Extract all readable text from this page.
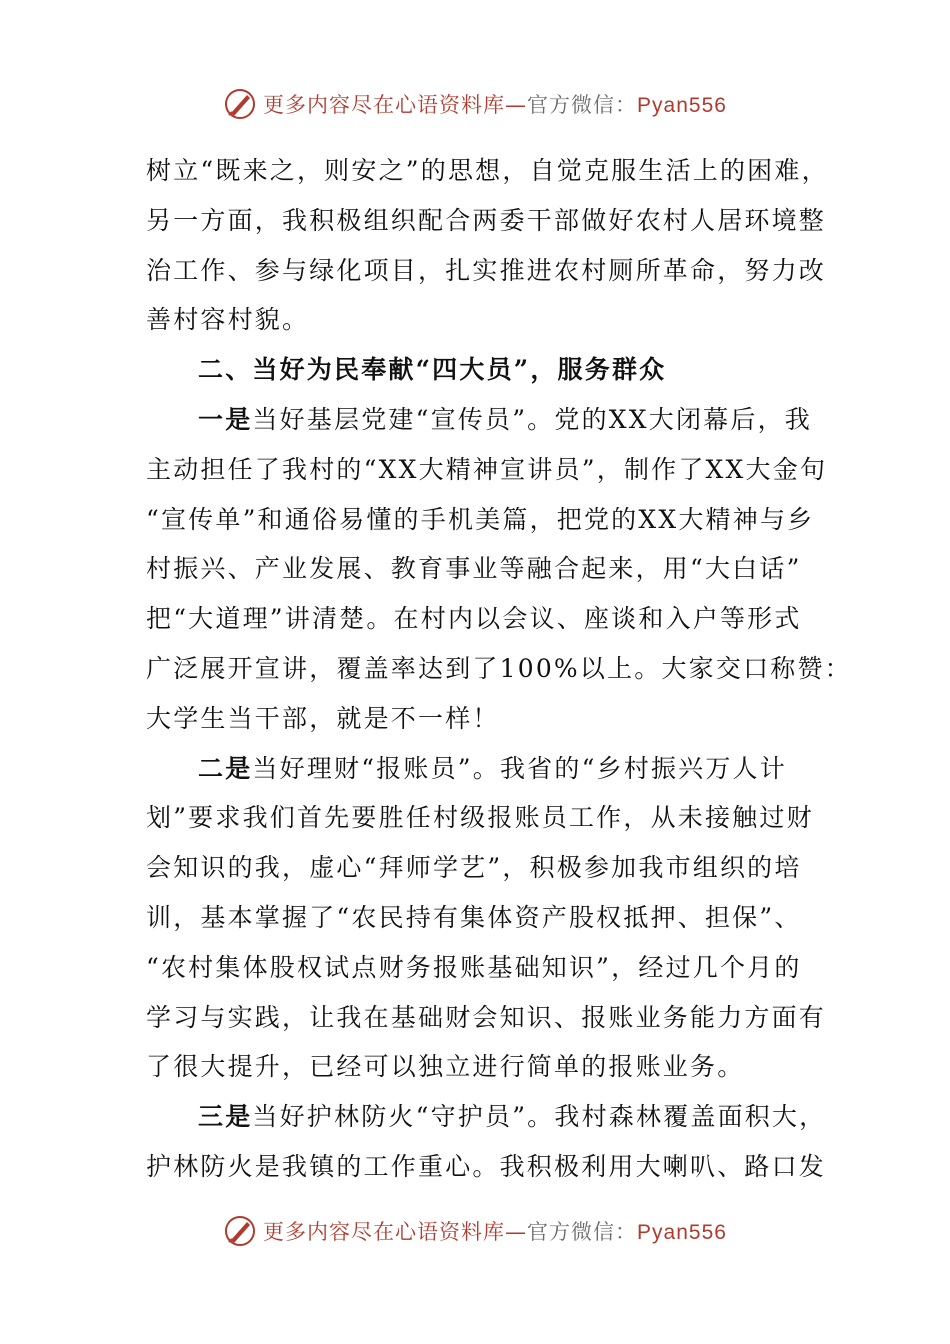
更多内容尽在心语资料库—官方微信：Pyan556
树立“既来之，则安之”的思想，自觉克服生活上的困难，
另一方面，我积极组织配合两委干部做好农村人居环境整
治工作、参与绿化项目，扎实推进农村厕所革命，努力改
善村容村貌。
二、当好为民奉献“四大员”，服务群众
一是当好基层党建“宣传员”。党的XX大闭幕后，我
主动担任了我村的“XX大精神宣讲员”，制作了XX大金句
“宣传单”和通俗易懂的手机美篇，把党的XX大精神与乡
村振兴、产业发展、教育事业等融合起来，用“大白话”
把“大道理”讲清楚。在村内以会议、座谈和入户等形式
广泛展开宣讲，覆盖率达到了100%以上。大家交口称赞：
大学生当干部，就是不一样！
二是当好理财“报账员”。我省的“乡村振兴万人计
划”要求我们首先要胜任村级报账员工作，从未接触过财
会知识的我，虚心“拜师学艺”，积极参加我市组织的培
训，基本掌握了“农民持有集体资产股权抵押、担保”、
“农村集体股权试点财务报账基础知识”，经过几个月的
学习与实践，让我在基础财会知识、报账业务能力方面有
了很大提升，已经可以独立进行简单的报账业务。
三是当好护林防火“守护员”。我村森林覆盖面积大，
护林防火是我镇的工作重心。我积极利用大喇叭、路口发
更多内容尽在心语资料库—官方微信：Pyan556
